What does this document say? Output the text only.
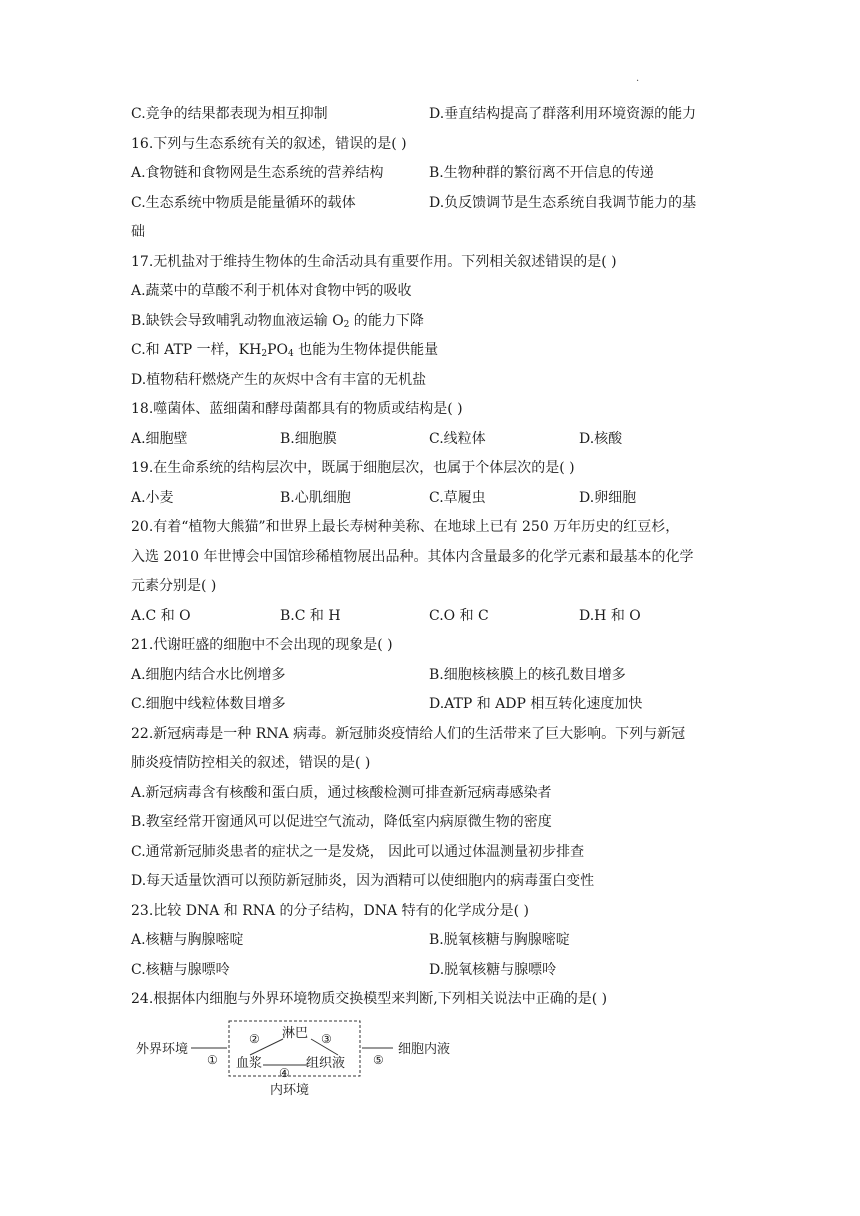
·
C.竞争的结果都表现为相互抑制	D.垂直结构提高了群落利用环境资源的能力
16.下列与生态系统有关的叙述，错误的是( )
A.食物链和食物网是生态系统的营养结构	B.生物种群的繁衍离不开信息的传递
C.生态系统中物质是能量循环的载体	D.负反馈调节是生态系统自我调节能力的基
础
17.无机盐对于维持生物体的生命活动具有重要作用。下列相关叙述错误的是( )
A.蔬菜中的草酸不利于机体对食物中钙的吸收
B.缺铁会导致哺乳动物血液运输 $O_2$ 的能力下降
C.和 ATP 一样，$KH_2PO_4$ 也能为生物体提供能量
D.植物秸秆燃烧产生的灰烬中含有丰富的无机盐
18.噬菌体、蓝细菌和酵母菌都具有的物质或结构是( )
A.细胞壁	B.细胞膜	C.线粒体	D.核酸
19.在生命系统的结构层次中，既属于细胞层次，也属于个体层次的是( )
A.小麦	B.心肌细胞	C.草履虫	D.卵细胞
20.有着“植物大熊猫”和世界上最长寿树种美称、在地球上已有 250 万年历史的红豆杉，
入选 2010 年世博会中国馆珍稀植物展出品种。其体内含量最多的化学元素和最基本的化学
元素分别是( )
A.C 和 O	B.C 和 H	C.O 和 C	D.H 和 O
21.代谢旺盛的细胞中不会出现的现象是( )
A.细胞内结合水比例增多	B.细胞核核膜上的核孔数目增多
C.细胞中线粒体数目增多	D.ATP 和 ADP 相互转化速度加快
22.新冠病毒是一种 RNA 病毒。新冠肺炎疫情给人们的生活带来了巨大影响。下列与新冠
肺炎疫情防控相关的叙述，错误的是( )
A.新冠病毒含有核酸和蛋白质，通过核酸检测可排查新冠病毒感染者
B.教室经常开窗通风可以促进空气流动，降低室内病原微生物的密度
C.通常新冠肺炎患者的症状之一是发烧， 因此可以通过体温测量初步排查
D.每天适量饮酒可以预防新冠肺炎，因为酒精可以使细胞内的病毒蛋白变性
23.比较 DNA 和 RNA 的分子结构，DNA 特有的化学成分是( )
A.核糖与胸腺嘧啶	B.脱氧核糖与胸腺嘧啶
C.核糖与腺嘌呤	D.脱氧核糖与腺嘌呤
24.根据体内细胞与外界环境物质交换模型来判断,下列相关说法中正确的是( )
外界环境
①
② 淋巴 ③
血浆	组织液
④
⑤
细胞内液
内环境
